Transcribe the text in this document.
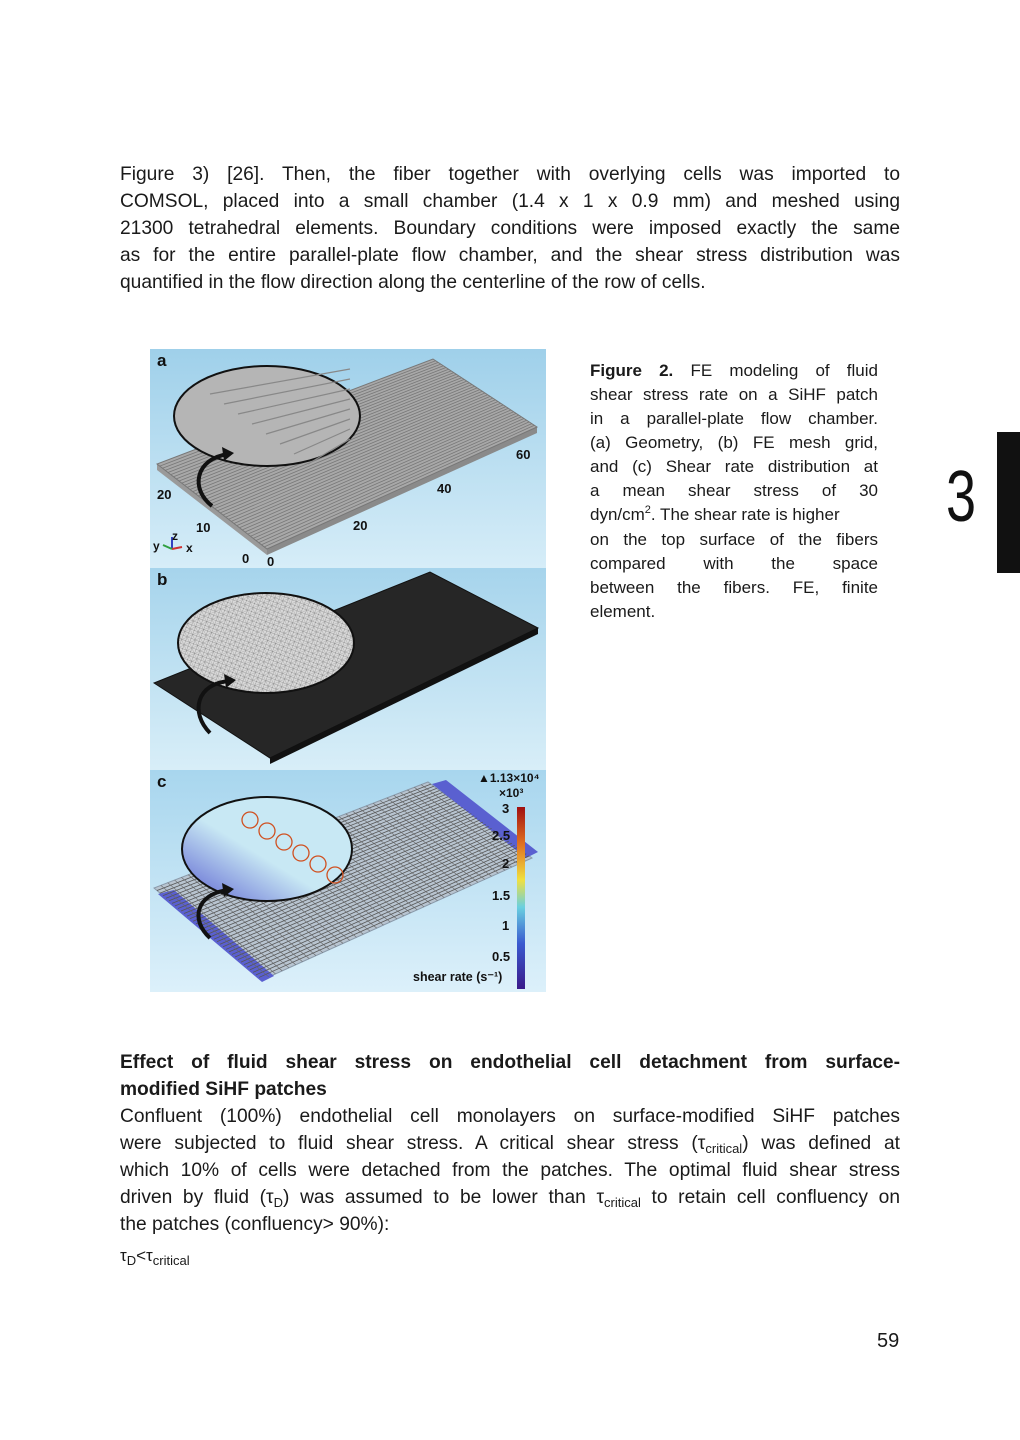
Figure 3) [26]. Then, the fiber together with overlying cells was imported to
COMSOL, placed into a small chamber (1.4 x 1 x 0.9 mm) and meshed using
21300 tetrahedral elements. Boundary conditions were imposed exactly the same
as for the entire parallel-plate flow chamber, and the shear stress distribution was
quantified in the flow direction along the centerline of the row of cells.
a
60
40
20
20
10
0 0
y
z
x
b
c	▲1.13×10⁴
×10³
3
2.5
2
1.5
1
0.5
shear rate (s⁻¹)
Figure 2. FE modeling of fluid
shear stress rate on a SiHF patch
in a parallel-plate flow chamber.
(a) Geometry, (b) FE mesh grid,
and (c) Shear rate distribution at
a mean shear stress of 30
dyn/$cm^2$. The shear rate is higher
on the top surface of the fibers
compared with the space
between the fibers. FE, finite
element.
3
Effect of fluid shear stress on endothelial cell detachment from surface-
modified SiHF patches
Confluent (100%) endothelial cell monolayers on surface-modified SiHF patches
were subjected to fluid shear stress. A critical shear stress $(\tau_{critical})$ was defined at
which 10% of cells were detached from the patches. The optimal fluid shear stress
driven by fluid $(\tau_D)$ was assumed to be lower than $\tau_{critical}$ to retain cell confluency on
the patches (confluency> 90%):
$\tau_D<\tau_{critical}$
59
